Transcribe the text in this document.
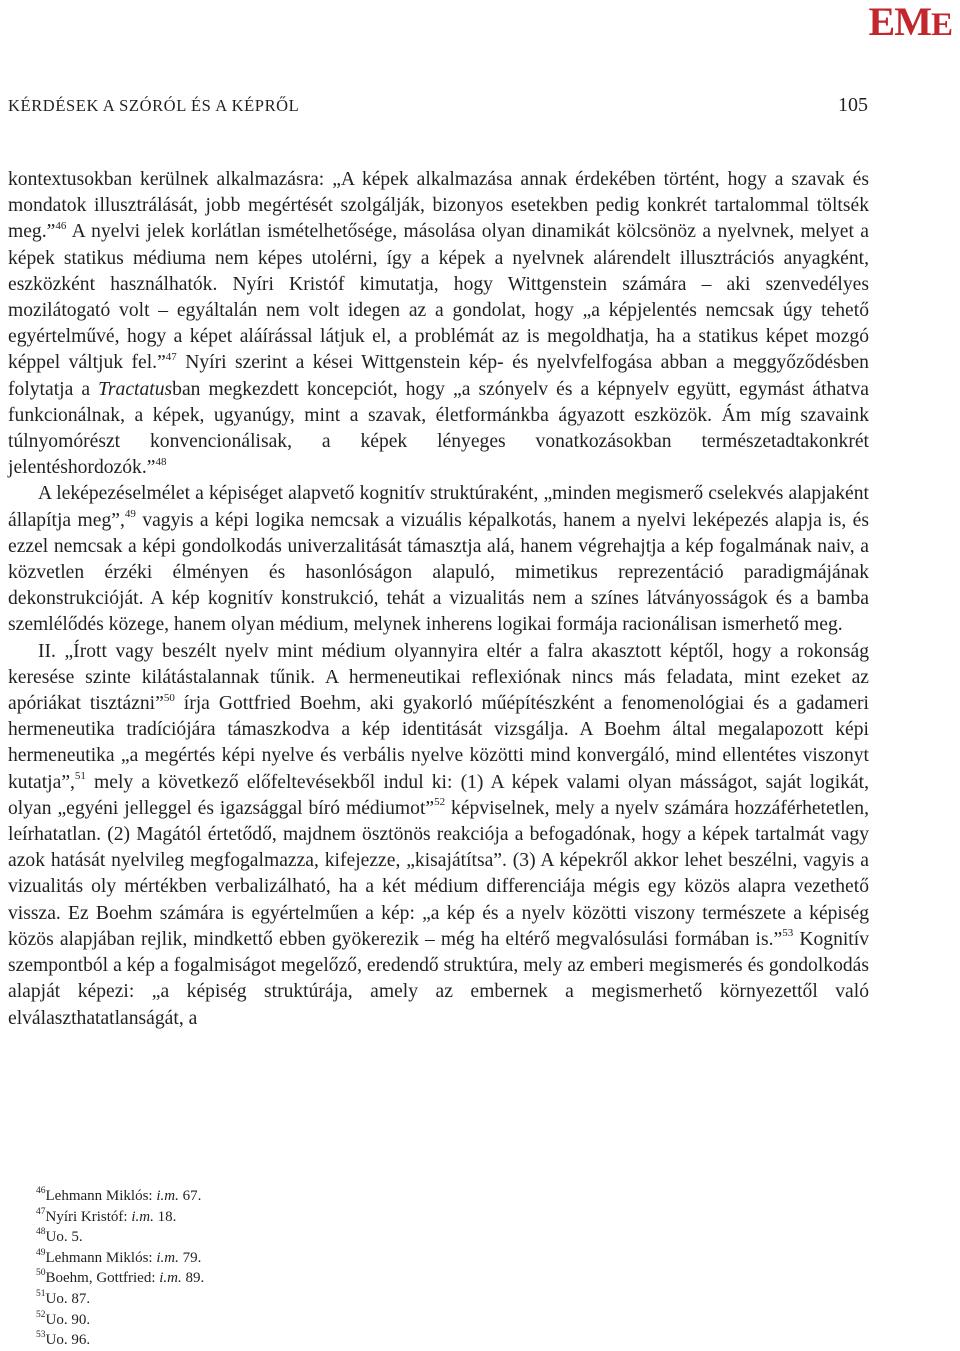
EME
KÉRDÉSEK A SZÓRÓL ÉS A KÉPRŐL	105

kontextusokban kerülnek alkalmazásra: „A képek alkalmazása annak érdekében történt, hogy a szavak és mondatok illusztrálását, jobb megértését szolgálják, bizonyos esetekben pedig konkrét tartalommal töltsék meg.”$^{46}$ A nyelvi jelek korlátlan ismételhetősége, másolása olyan dinamikát kölcsönöz a nyelvnek, melyet a képek statikus médiuma nem képes utolérni, így a képek a nyelvnek alárendelt illusztrációs anyagként, eszközként használhatók. Nyíri Kristóf kimutatja, hogy Wittgenstein számára – aki szenvedélyes mozilátogató volt – egyáltalán nem volt idegen az a gondolat, hogy „a képjelentés nemcsak úgy tehető egyértelművé, hogy a képet aláírással látjuk el, a problémát az is megoldhatja, ha a statikus képet mozgó képpel váltjuk fel.”$^{47}$ Nyíri szerint a kései Wittgenstein kép- és nyelvfelfogása abban a meggyőződésben folytatja a Tractatusban megkezdett koncepciót, hogy „a szónyelv és a képnyelv együtt, egymást áthatva funkcionálnak, a képek, ugyanúgy, mint a szavak, életformánkba ágyazott eszközök. Ám míg szavaink túlnyomórészt konvencionálisak, a képek lényeges vonatkozásokban természetadtakonkrét jelentéshordozók.”$^{48}$

A leképezéselmélet a képiséget alapvető kognitív struktúraként, „minden megismerő cselekvés alapjaként állapítja meg”,$^{49}$ vagyis a képi logika nemcsak a vizuális képalkotás, hanem a nyelvi leképezés alapja is, és ezzel nemcsak a képi gondolkodás univerzalitását támasztja alá, hanem végrehajtja a kép fogalmának naiv, a közvetlen érzéki élményen és hasonlóságon alapuló, mimetikus reprezentáció paradigmájának dekonstrukcióját. A kép kognitív konstrukció, tehát a vizualitás nem a színes látványosságok és a bamba szemlélődés közege, hanem olyan médium, melynek inherens logikai formája racionálisan ismerhető meg.

II. „Írott vagy beszélt nyelv mint médium olyannyira eltér a falra akasztott képtől, hogy a rokonság keresése szinte kilátástalannak tűnik. A hermeneutikai reflexiónak nincs más feladata, mint ezeket az apóriákat tisztázni”$^{50}$ írja Gottfried Boehm, aki gyakorló műépítészként a fenomenológiai és a gadameri hermeneutika tradíciójára támaszkodva a kép identitását vizsgálja. A Boehm által megalapozott képi hermeneutika „a megértés képi nyelve és verbális nyelve közötti mind konvergáló, mind ellentétes viszonyt kutatja”,$^{51}$ mely a következő előfeltevésekből indul ki: (1) A képek valami olyan másságot, saját logikát, olyan „egyéni jelleggel és igazsággal bíró médiumot”$^{52}$ képviselnek, mely a nyelv számára hozzáférhetetlen, leírhatatlan. (2) Magától értetődő, majdnem ösztönös reakciója a befogadónak, hogy a képek tartalmát vagy azok hatását nyelvileg megfogalmazza, kifejezze, „kisajátítsa”. (3) A képekről akkor lehet beszélni, vagyis a vizualitás oly mértékben verbalizálható, ha a két médium differenciája mégis egy közös alapra vezethető vissza. Ez Boehm számára is egyértelműen a kép: „a kép és a nyelv közötti viszony természete a képiség közös alapjában rejlik, mindkettő ebben gyökerezik – még ha eltérő megvalósulási formában is.”$^{53}$ Kognitív szempontból a kép a fogalmiságot megelőző, eredendő struktúra, mely az emberi megismerés és gondolkodás alapját képezi: „a képiség struktúrája, amely az embernek a megismerhető környezettől való elválaszthatatlanságát, a

$^{46}$Lehmann Miklós: i.m. 67.
$^{47}$Nyíri Kristóf: i.m. 18.
$^{48}$Uo. 5.
$^{49}$Lehmann Miklós: i.m. 79.
$^{50}$Boehm, Gottfried: i.m. 89.
$^{51}$Uo. 87.
$^{52}$Uo. 90.
$^{53}$Uo. 96.
